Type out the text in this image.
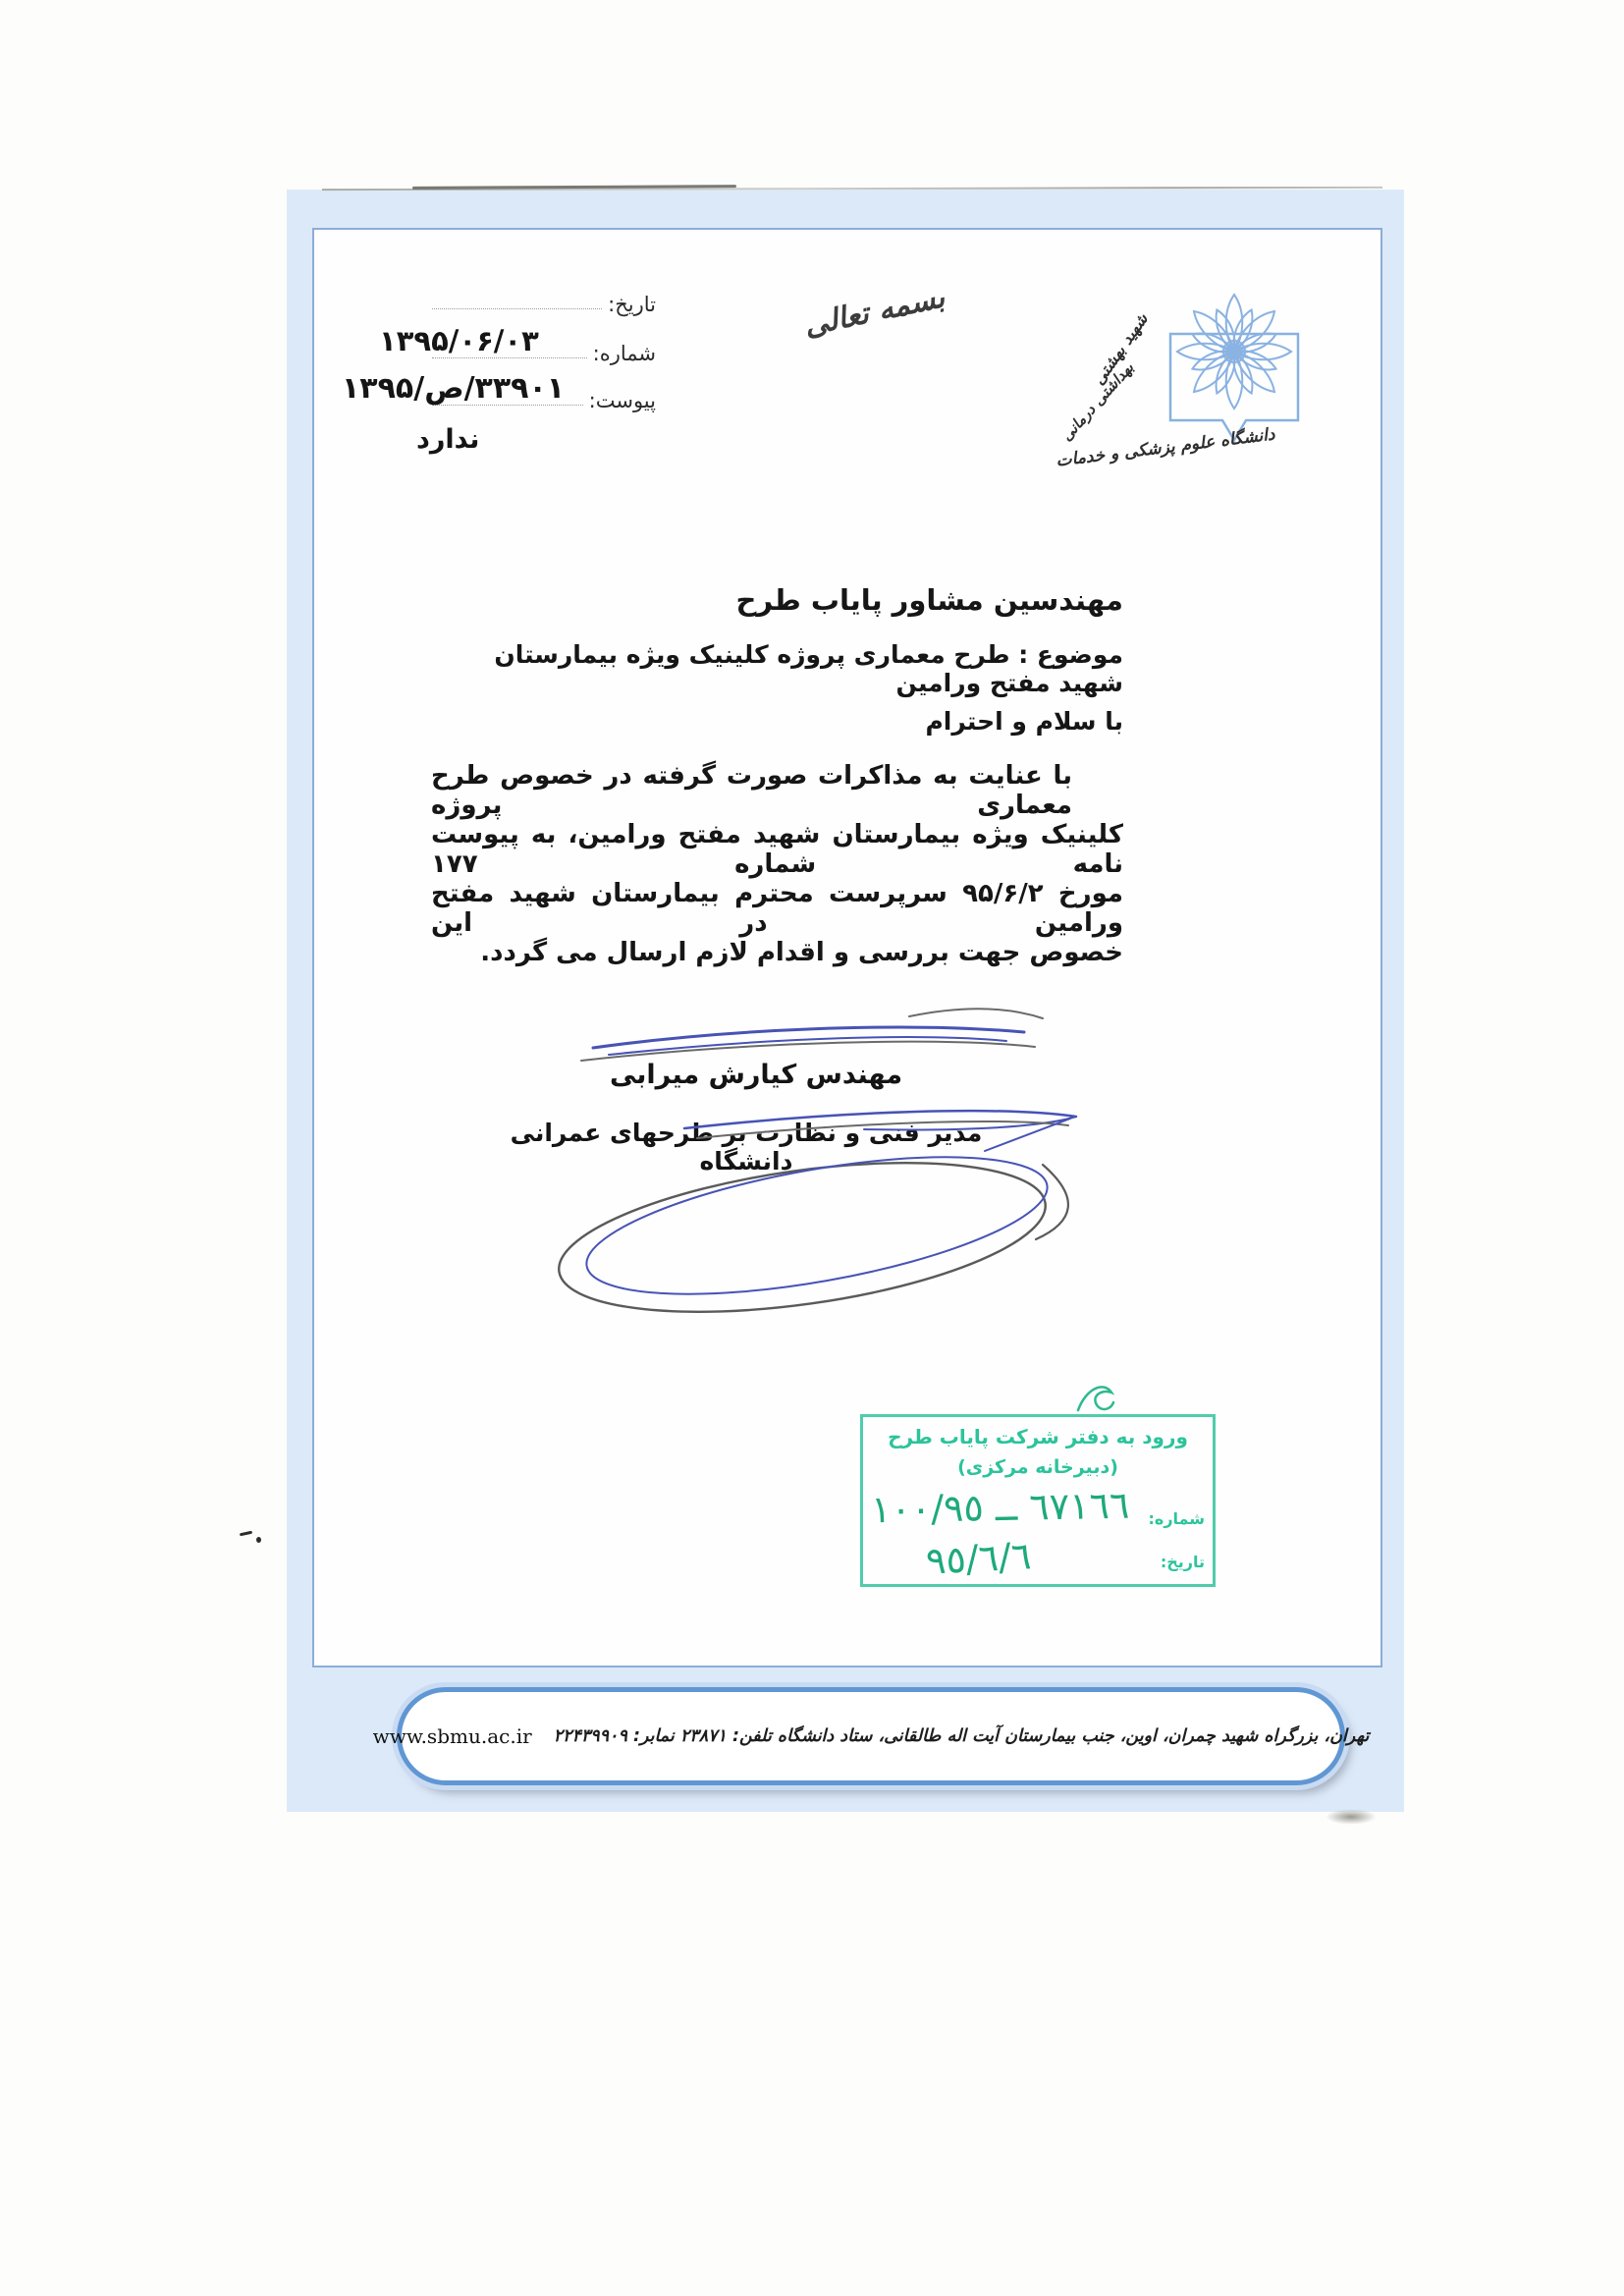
تاریخ:
شماره:
پیوست:
۱۳۹۵/۰۶/۰۳
۳۳۹۰۱/ص/۱۳۹۵
ندارد
بسمه تعالی	شهید بهشتی
بهداشتی درمانی
دانشگاه علوم پزشکی و خدمات
مهندسین مشاور پایاب طرح
موضوع : طرح معماری پروژه کلینیک ویژه بیمارستان شهید مفتح ورامین
با سلام و احترام
با عنایت به مذاکرات صورت گرفته در خصوص طرح معماری پروژه
کلینیک ویژه بیمارستان شهید مفتح ورامین، به پیوست نامه شماره ۱۷۷
مورخ ۹۵/۶/۲ سرپرست محترم بیمارستان شهید مفتح ورامین در این
خصوص جهت بررسی و اقدام لازم ارسال می گردد.
مهندس کیارش میرابی
مدیر فنی و نظارت بر طرحهای عمرانی دانشگاه
ورود به دفتر شرکت پایاب طرح
(دبیرخانه مرکزی)
شماره:
تاریخ:
٦٧١٦٦ ــ ١٠٠/٩٥
٩٥/٦/٦
تهران، بزرگراه شهید چمران، اوین، جنب بیمارستان آیت اله طالقانی، ستاد دانشگاه تلفن: ۲۳۸۷۱ نمابر: ۲۲۴۳۹۹۰۹
www.sbmu.ac.ir
